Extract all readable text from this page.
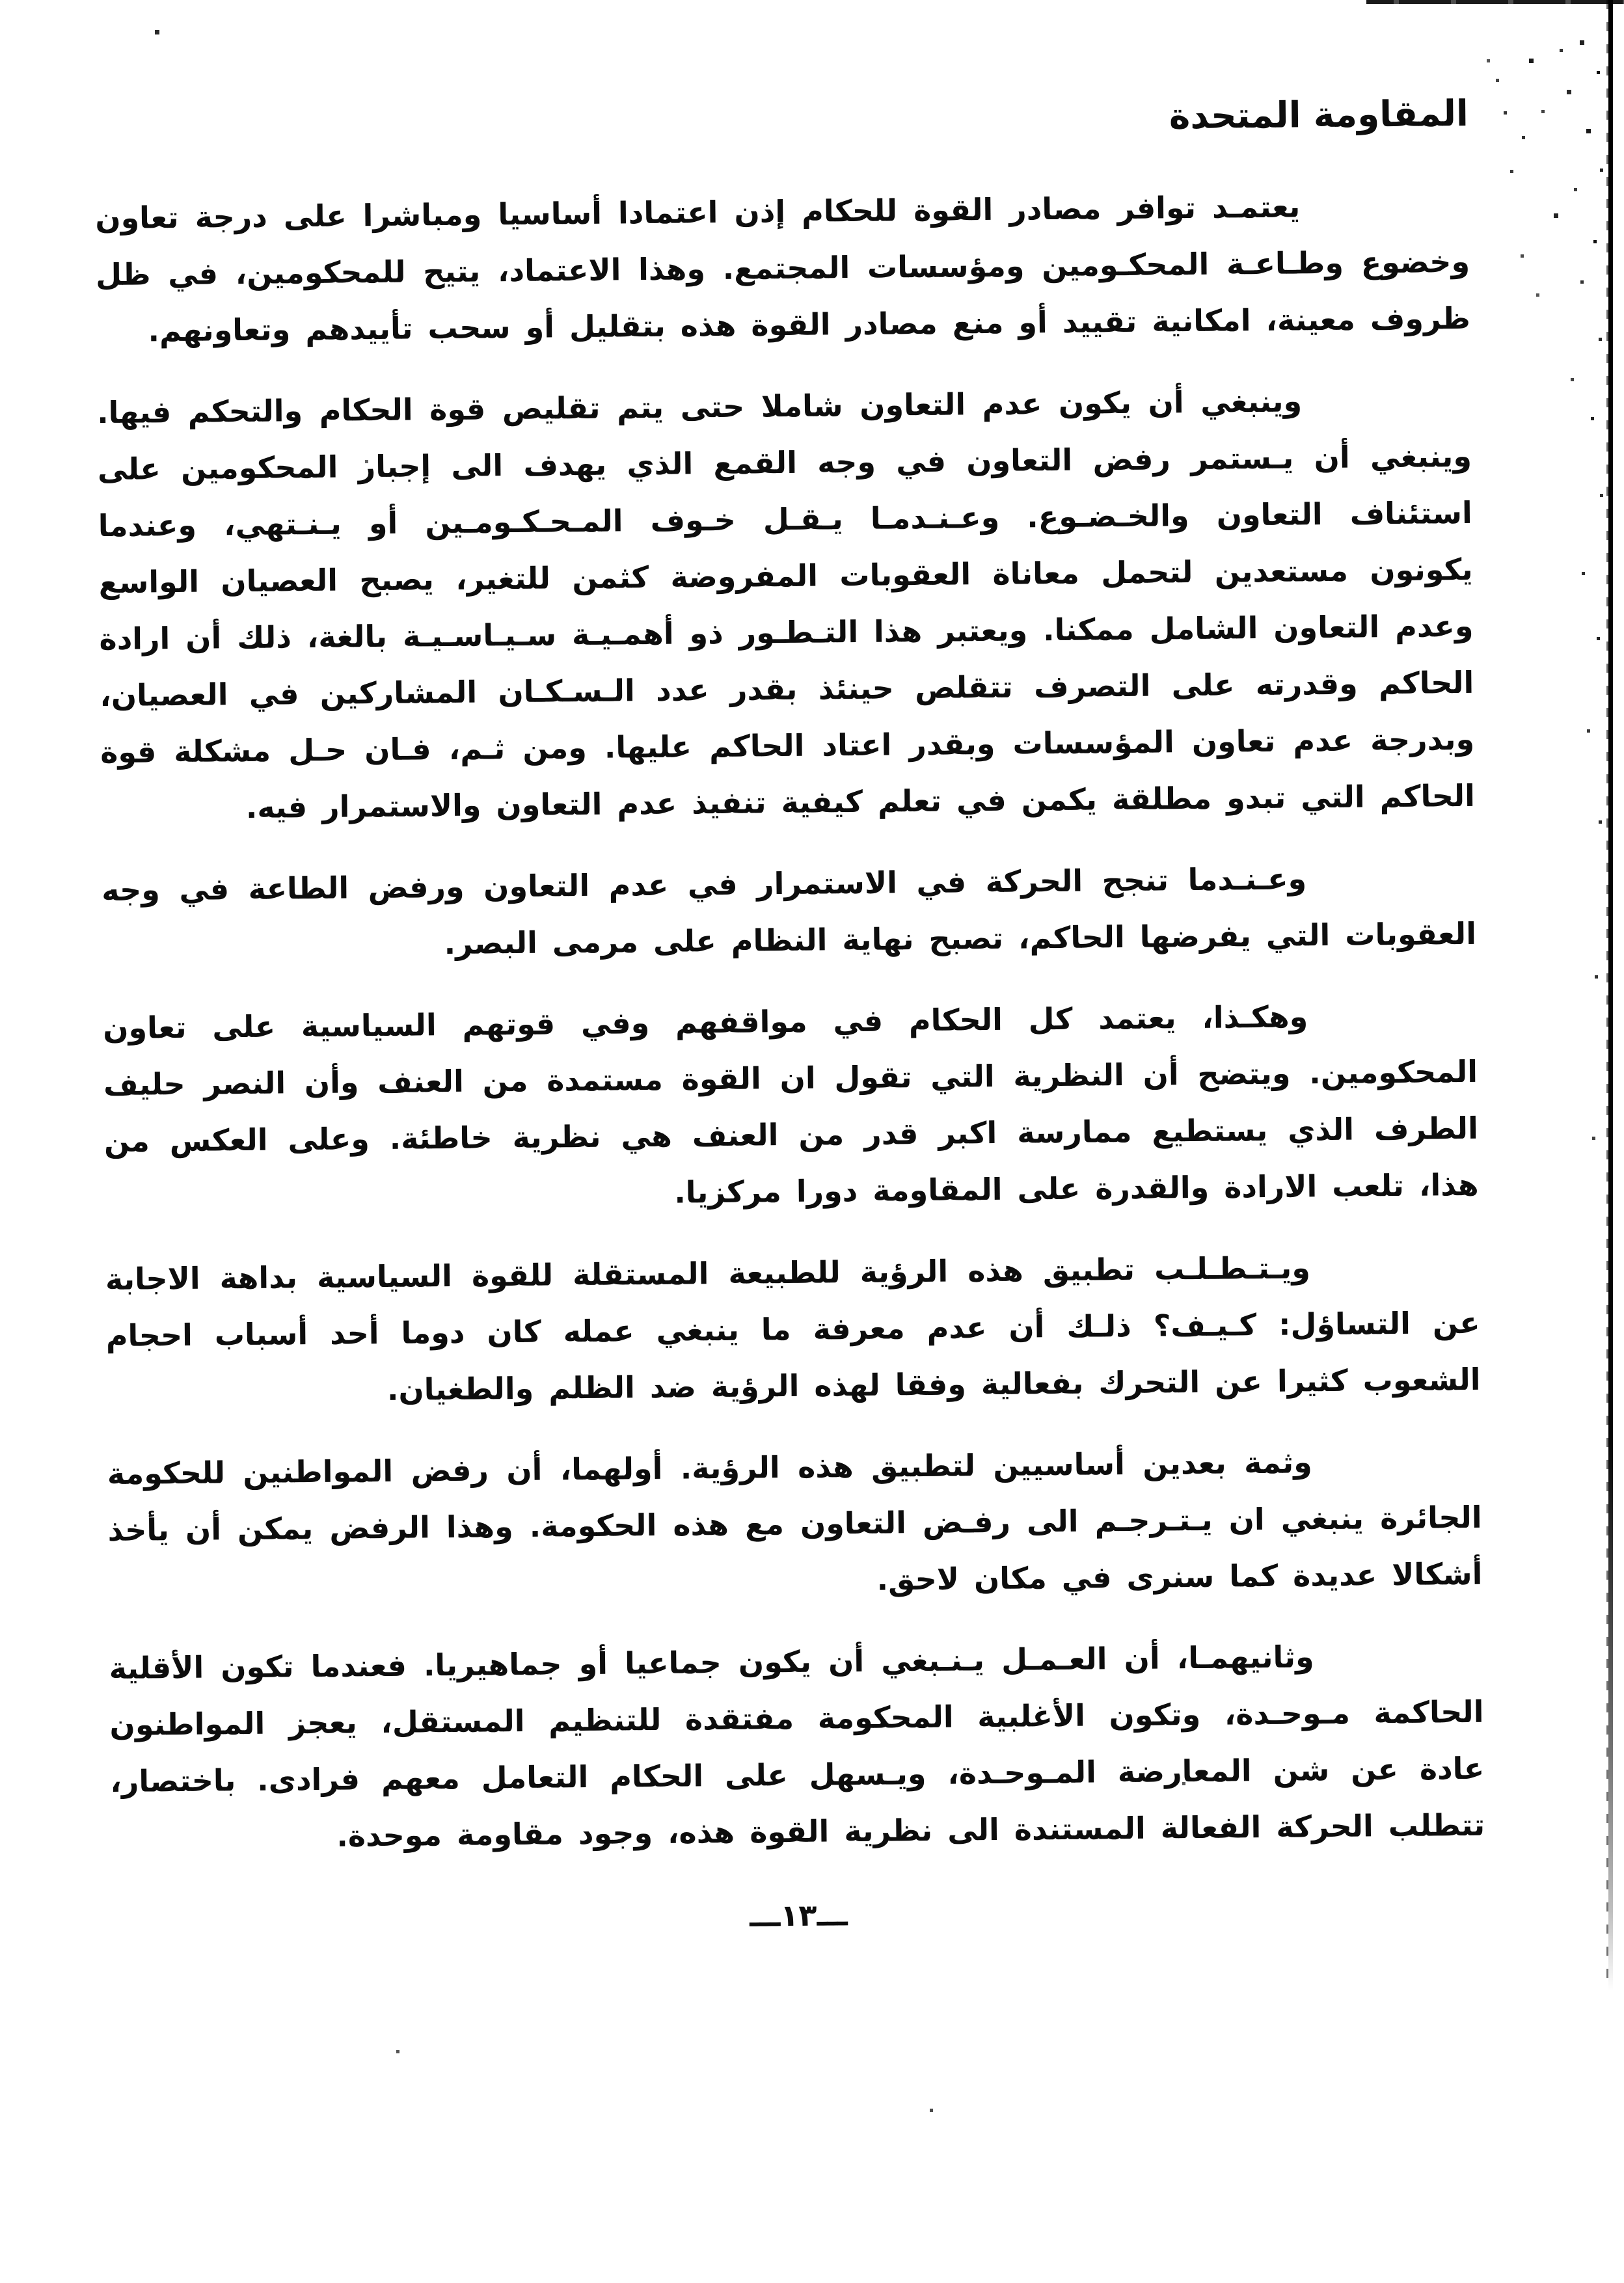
المقاومة المتحدة

يعتمـد توافر مصادر القوة للحكام إذن اعتمادا أساسيا ومباشرا على درجة تعاون وخضوع وطـاعـة المحكـومين ومؤسسات المجتمع. وهذا الاعتماد، يتيح للمحكومين، في ظل ظروف معينة، امكانية تقييد أو منع مصادر القوة هذه بتقليل أو سحب تأييدهم وتعاونهم.

وينبغي أن يكون عدم التعاون شاملا حتى يتم تقليص قوة الحكام والتحكم فيها. وينبغي أن يـستمر رفض التعاون في وجه القمع الذي يهدف الى إجبار المحكومين على استئناف التعاون والخـضـوع. وعـنـدمـا يـقـل خـوف المـحـكـومـين أو يـنـتهي، وعندما يكونون مستعدين لتحمل معاناة العقوبات المفروضة كثمن للتغير، يصبح العصيان الواسع وعدم التعاون الشامل ممكنا. ويعتبر هذا التـطـور ذو أهمـيـة سـيـاسـيـة بالغة، ذلك أن ارادة الحاكم وقدرته على التصرف تتقلص حينئذ بقدر عدد الـسـكـان المشاركين في العصيان، وبدرجة عدم تعاون المؤسسات وبقدر اعتاد الحاكم عليها. ومن ثـم، فـان حـل مشكلة قوة الحاكم التي تبدو مطلقة يكمن في تعلم كيفية تنفيذ عدم التعاون والاستمرار فيه.

وعـنـدما تنجح الحركة في الاستمرار في عدم التعاون ورفض الطاعة في وجه العقوبات التي يفرضها الحاكم، تصبح نهاية النظام على مرمى البصر.

وهكـذا، يعتمد كل الحكام في مواقفهم وفي قوتهم السياسية على تعاون المحكومين. ويتضح أن النظرية التي تقول ان القوة مستمدة من العنف وأن النصر حليف الطرف الذي يستطيع ممارسة اكبر قدر من العنف هي نظرية خاطئة. وعلى العكس من هذا، تلعب الارادة والقدرة على المقاومة دورا مركزيا.

ويـتـطـلـب تطبيق هذه الرؤية للطبيعة المستقلة للقوة السياسية بداهة الاجابة عن التساؤل: كـيـف؟ ذلـك أن عدم معرفة ما ينبغي عمله كان دوما أحد أسباب احجام الشعوب كثيرا عن التحرك بفعالية وفقا لهذه الرؤية ضد الظلم والطغيان.

وثمة بعدين أساسيين لتطبيق هذه الرؤية. أولهما، أن رفض المواطنين للحكومة الجائرة ينبغي ان يـتـرجـم الى رفـض التعاون مع هذه الحكومة. وهذا الرفض يمكن أن يأخذ أشكالا عديدة كما سنرى في مكان لاحق.

وثانيهمـا، أن العـمـل يـنـبغي أن يكون جماعيا أو جماهيريا. فعندما تكون الأقلية الحاكمة مـوحـدة، وتكون الأغلبية المحكومة مفتقدة للتنظيم المستقل، يعجز المواطنون عادة عن شن المعارضة المـوحـدة، ويـسهل على الحكام التعامل معهم فرادى. باختصار، تتطلب الحركة الفعالة المستندة الى نظرية القوة هذه، وجود مقاومة موحدة.

ـــ١٣ـــ
